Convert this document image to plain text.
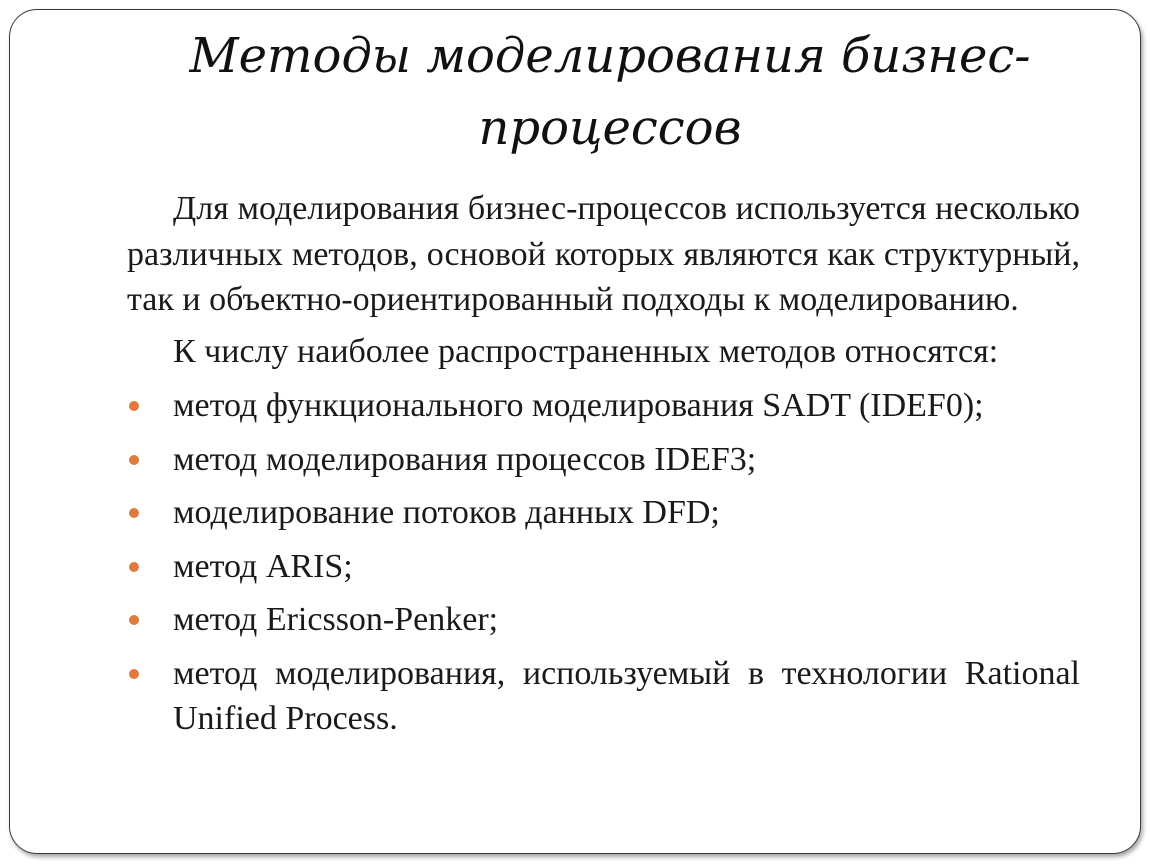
Методы моделирования бизнес-процессов

Для моделирования бизнес-процессов используется несколько различных методов, основой которых являются как структурный, так и объектно-ориентированный подходы к моделированию.

К числу наиболее распространенных методов относятся:

метод функционального моделирования SADT (IDEF0);
метод моделирования процессов IDEF3;
моделирование потоков данных DFD;
метод ARIS;
метод Ericsson-Penker;
метод моделирования, используемый в технологии Rational Unified Process.
